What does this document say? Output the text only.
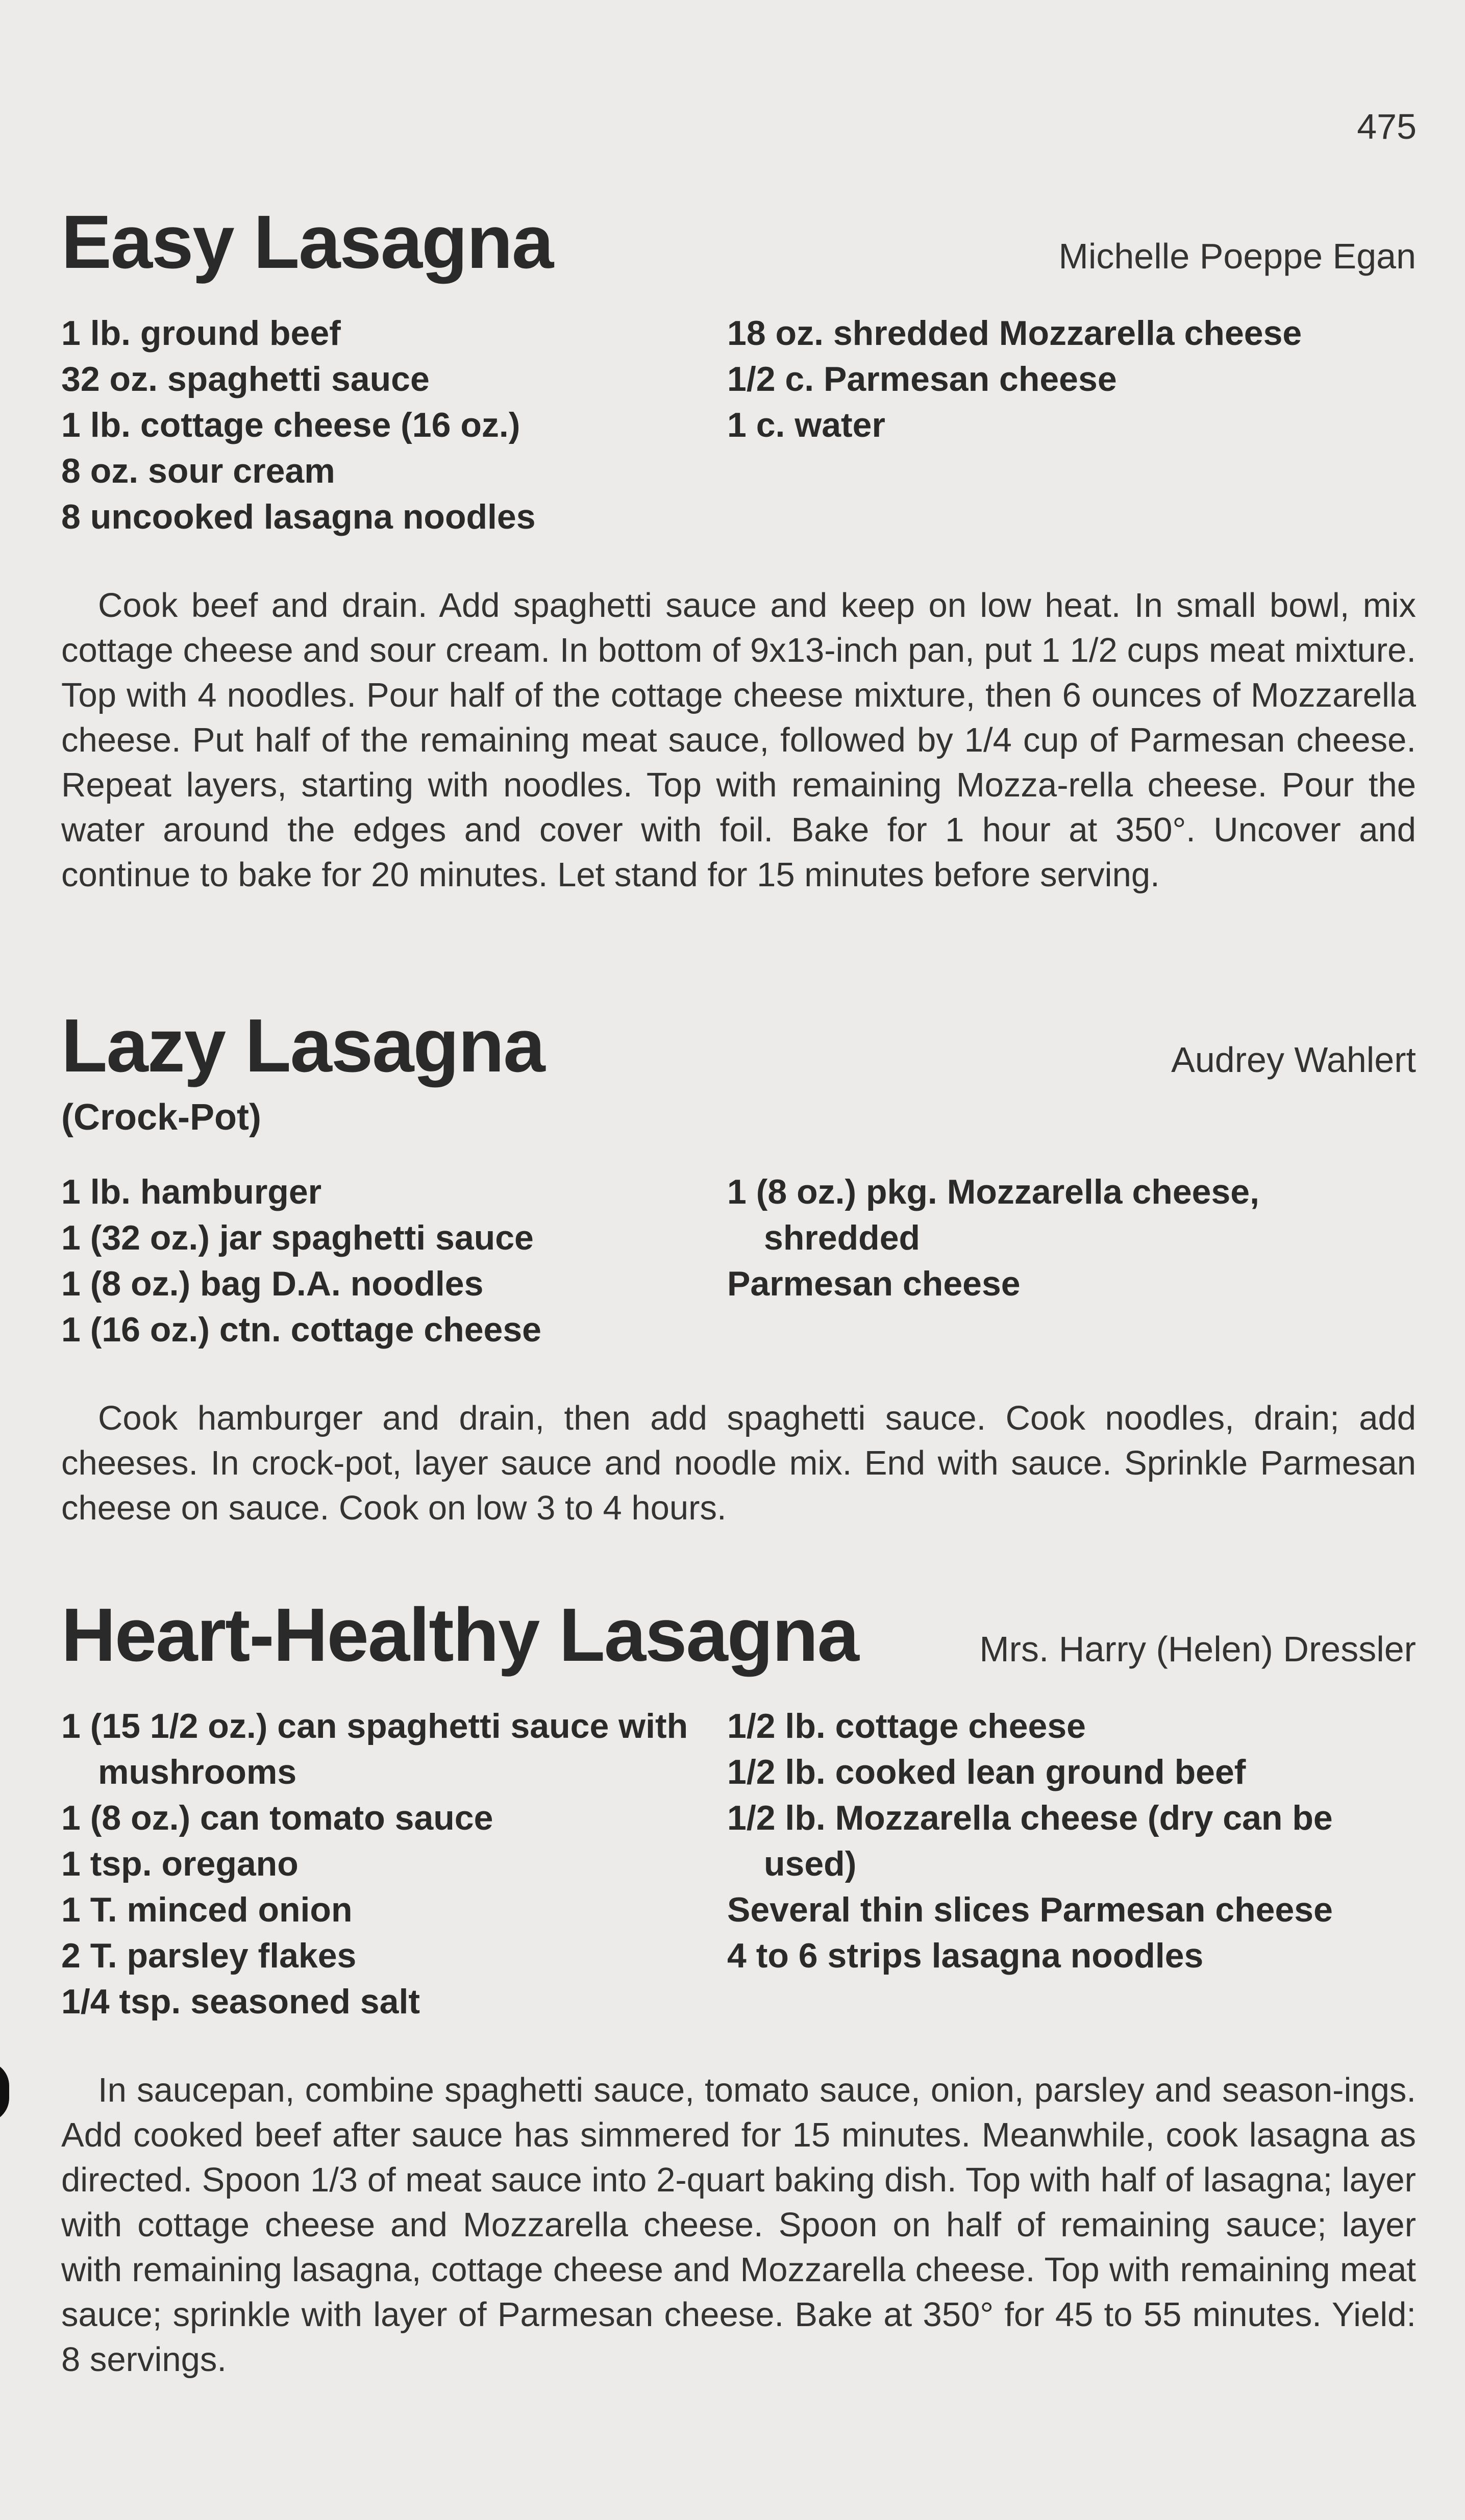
475
Easy Lasagna	Michelle Poeppe Egan
1 lb. ground beef
32 oz. spaghetti sauce
1 lb. cottage cheese (16 oz.)
8 oz. sour cream
8 uncooked lasagna noodles
18 oz. shredded Mozzarella cheese
1/2 c. Parmesan cheese
1 c. water

Cook beef and drain. Add spaghetti sauce and keep on low heat. In small bowl, mix cottage cheese and sour cream. In bottom of 9x13-inch pan, put 1 1/2 cups meat mixture. Top with 4 noodles. Pour half of the cottage cheese mixture, then 6 ounces of Mozzarella cheese. Put half of the remaining meat sauce, followed by 1/4 cup of Parmesan cheese. Repeat layers, starting with noodles. Top with remaining Mozza-rella cheese. Pour the water around the edges and cover with foil. Bake for 1 hour at 350°. Uncover and continue to bake for 20 minutes. Let stand for 15 minutes before serving.

Lazy Lasagna	Audrey Wahlert
(Crock-Pot)
1 lb. hamburger
1 (32 oz.) jar spaghetti sauce
1 (8 oz.) bag D.A. noodles
1 (16 oz.) ctn. cottage cheese
1 (8 oz.) pkg. Mozzarella cheese, shredded
Parmesan cheese

Cook hamburger and drain, then add spaghetti sauce. Cook noodles, drain; add cheeses. In crock-pot, layer sauce and noodle mix. End with sauce. Sprinkle Parmesan cheese on sauce. Cook on low 3 to 4 hours.

Heart-Healthy Lasagna	Mrs. Harry (Helen) Dressler
1 (15 1/2 oz.) can spaghetti sauce with mushrooms
1 (8 oz.) can tomato sauce
1 tsp. oregano
1 T. minced onion
2 T. parsley flakes
1/4 tsp. seasoned salt
1/2 lb. cottage cheese
1/2 lb. cooked lean ground beef
1/2 lb. Mozzarella cheese (dry can be used)
Several thin slices Parmesan cheese
4 to 6 strips lasagna noodles

In saucepan, combine spaghetti sauce, tomato sauce, onion, parsley and season-ings. Add cooked beef after sauce has simmered for 15 minutes. Meanwhile, cook lasagna as directed. Spoon 1/3 of meat sauce into 2-quart baking dish. Top with half of lasagna; layer with cottage cheese and Mozzarella cheese. Spoon on half of remaining sauce; layer with remaining lasagna, cottage cheese and Mozzarella cheese. Top with remaining meat sauce; sprinkle with layer of Parmesan cheese. Bake at 350° for 45 to 55 minutes. Yield: 8 servings.
